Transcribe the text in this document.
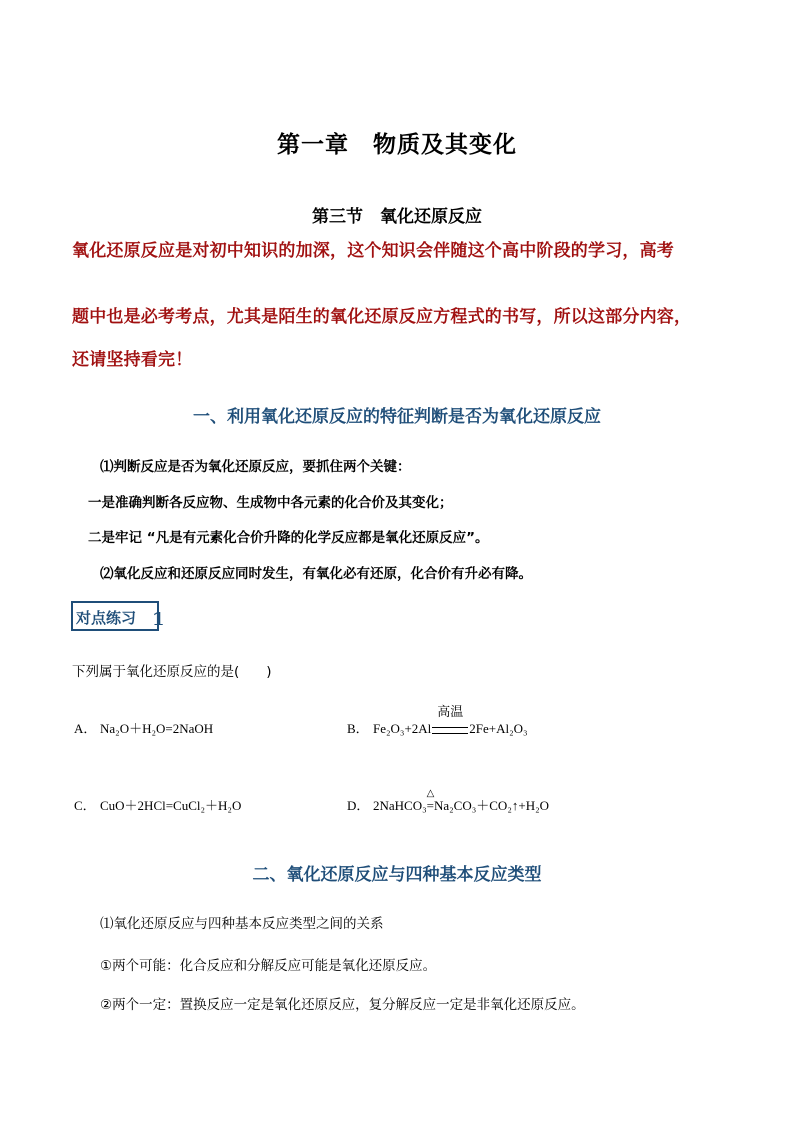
第一章　物质及其变化
第三节　氧化还原反应
氧化还原反应是对初中知识的加深，这个知识会伴随这个高中阶段的学习，高考
题中也是必考考点，尤其是陌生的氧化还原反应方程式的书写，所以这部分内容，
还请坚持看完！
一、利用氧化还原反应的特征判断是否为氧化还原反应
⑴判断反应是否为氧化还原反应，要抓住两个关键：
一是准确判断各反应物、生成物中各元素的化合价及其变化；
二是牢记 “凡是有元素化合价升降的化学反应都是氧化还原反应”。
⑵氧化反应和还原反应同时发生，有氧化必有还原，化合价有升必有降。
对点练习 1
下列属于氧化还原反应的是(　　)
A． Na₂O＋H₂O=2NaOH	B． Fe₂O₃+2Al
高温
2Fe+Al₂O₃
C． CuO＋2HCl=CuCl₂＋H₂O	D． 2NaHCO₃
△
=Na₂CO₃＋CO₂↑+H₂O
二、氧化还原反应与四种基本反应类型
⑴氧化还原反应与四种基本反应类型之间的关系
①两个可能：化合反应和分解反应可能是氧化还原反应。
②两个一定：置换反应一定是氧化还原反应，复分解反应一定是非氧化还原反应。
